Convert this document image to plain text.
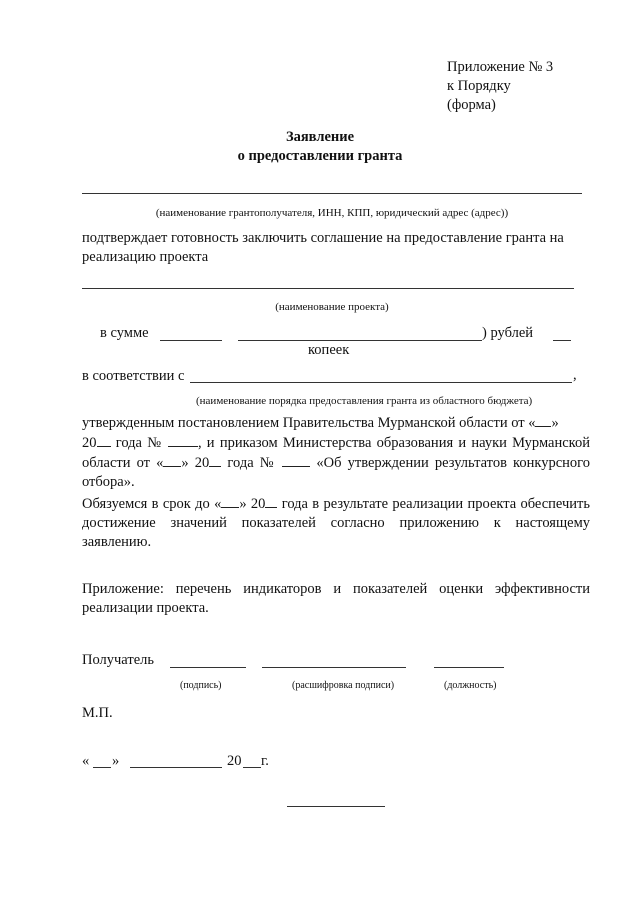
Приложение № 3
к Порядку
(форма)
Заявление
о предоставлении гранта
(наименование грантополучателя, ИНН, КПП, юридический адрес (адрес))
подтверждает готовность заключить соглашение на предоставление гранта на реализацию проекта
(наименование проекта)
в сумме	) рублей
копеек
в соответствии с	,
(наименование порядка предоставления гранта из областного бюджета)
утвержденным постановлением Правительства Мурманской области от « »
20 года № , и приказом Министерства образования и науки Мурманской области от « » 20 года №  «Об утверждении результатов конкурсного отбора».
Обязуемся в срок до « » 20 года в результате реализации проекта обеспечить достижение значений показателей согласно приложению к настоящему заявлению.
Приложение: перечень индикаторов и показателей оценки эффективности реализации проекта.
Получатель
(подпись)	(расшифровка подписи)	(должность)
М.П.
« »	20 г.
